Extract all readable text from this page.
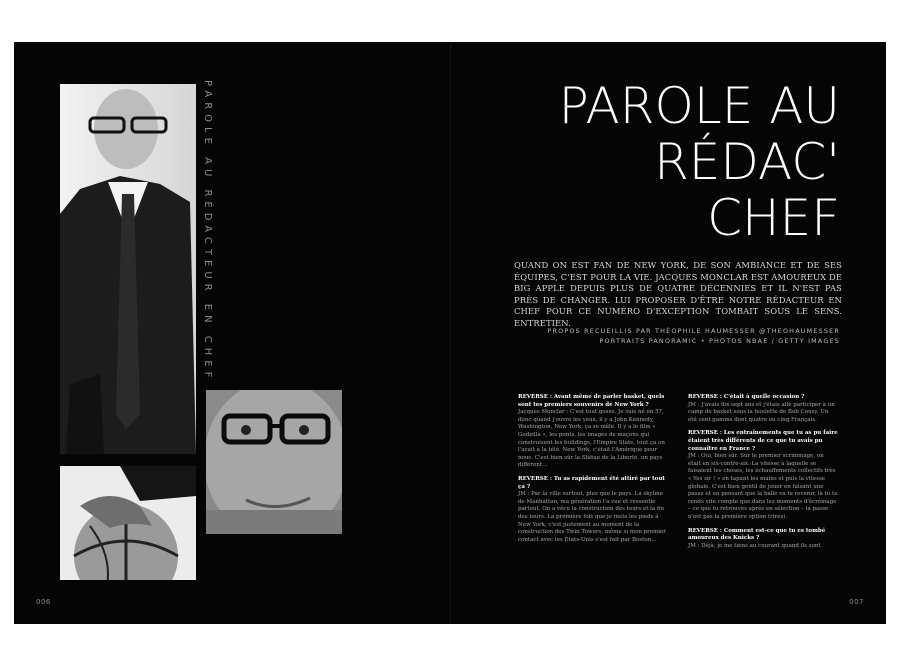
PAROLE AU RÉDACTEUR EN CHEF	PAROLE AU
RÉDAC'
CHEF
QUAND ON EST FAN DE NEW YORK, DE SON AMBIANCE ET DE SES ÉQUIPES, C'EST POUR LA VIE. JACQUES MONCLAR EST AMOUREUX DE BIG APPLE DEPUIS PLUS DE QUATRE DÉCENNIES ET IL N'EST PAS PRÈS DE CHANGER. LUI PROPOSER D'ÊTRE NOTRE RÉDACTEUR EN CHEF POUR CE NUMÉRO D'EXCEPTION TOMBAIT SOUS LE SENS. ENTRETIEN.
PROPOS RECUEILLIS PAR THÉOPHILE HAUMESSER @THEOHAUMESSER
PORTRAITS PANORAMIC • PHOTOS NBAE / GETTY IMAGES

REVERSE : Avant même de parler basket, quels sont tes premiers souvenirs de New York ?
Jacques Monclar : C'est tout gosse. Je suis né en 57, donc quand j'ouvre les yeux, il y a John Kennedy, Washington, New York, ça se mêle. Il y a le film « Godzilla », les ponts, les images de maçons qui construisent les buildings, l'Empire State, tout ça on l'avait à la télé. New York, c'était l'Amérique pour nous. C'est bien sûr la Statue de la Liberté, un pays différent…

REVERSE : Tu as rapidement été attiré par tout ça ?
JM : Par la ville surtout, plus que le pays. La skyline de Manhattan, ma génération l'a vue et ressentie partout. On a vécu la construction des tours et la fin des tours. La première fois que je mets les pieds à New York, c'est justement au moment de la construction des Twin Towers, même si mon premier contact avec les États-Unis s'est fait par Boston…

REVERSE : C'était à quelle occasion ?
JM : J'avais dix-sept ans et j'étais allé participer à un camp de basket sous la houlette de Bob Cousy. Un été cent gamins dont quatre ou cinq Français.

REVERSE : Les entraînements que tu as pu faire étaient très différents de ce que tu avais pu connaître en France ?
JM : Oui, bien sûr. Sur le premier scrimmage, on était en six-contre-six. La vitesse à laquelle se faisaient les choses, les échauffements collectifs très « Yes sir ! » en tapant les mains et puis la vitesse globale. C'est bien gentil de jouer en faisant une passe et en pensant que la balle va te revenir, là tu te rends vite compte que dans les moments d'écrémage – ce que tu retrouves après en sélection – la passe n'est pas la première option (rires).

REVERSE : Comment est-ce que tu es tombé amoureux des Knicks ?
JM : Déjà, je me tiens au courant quand ils sont

006	007
